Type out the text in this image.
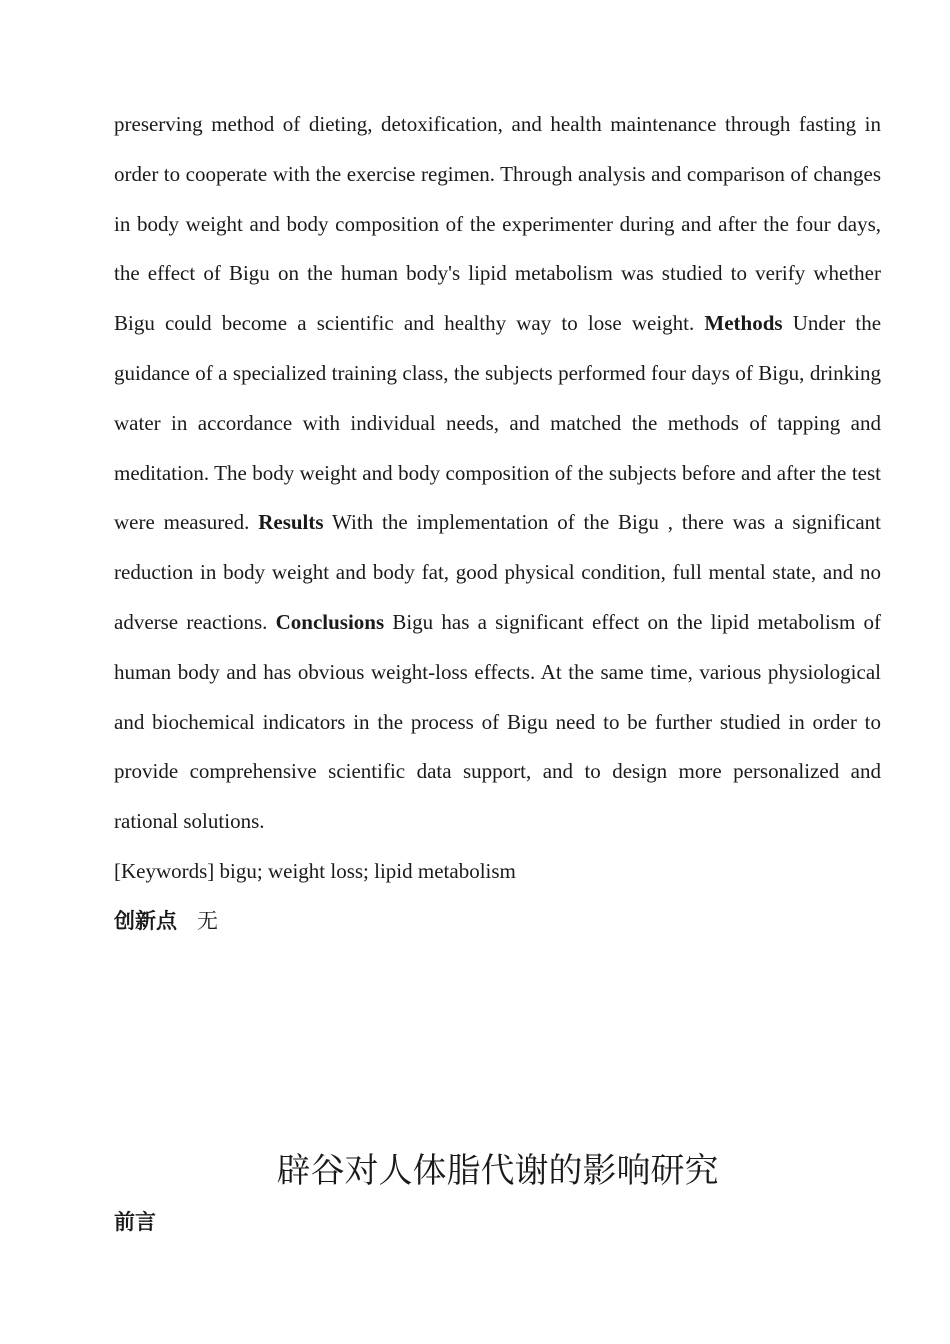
preserving method of dieting, detoxification, and health maintenance through fasting in order to cooperate with the exercise regimen. Through analysis and comparison of changes in body weight and body composition of the experimenter during and after the four days, the effect of Bigu on the human body's lipid metabolism was studied to verify whether Bigu could become a scientific and healthy way to lose weight. Methods Under the guidance of a specialized training class, the subjects performed four days of Bigu, drinking water in accordance with individual needs, and matched the methods of tapping and meditation. The body weight and body composition of the subjects before and after the test were measured. Results With the implementation of the Bigu , there was a significant reduction in body weight and body fat, good physical condition, full mental state, and no adverse reactions. Conclusions Bigu has a significant effect on the lipid metabolism of human body and has obvious weight-loss effects. At the same time, various physiological and biochemical indicators in the process of Bigu need to be further studied in order to provide comprehensive scientific data support, and to design more personalized and rational solutions.

[Keywords] bigu; weight loss; lipid metabolism

创新点 无

辟谷对人体脂代谢的影响研究
前言
